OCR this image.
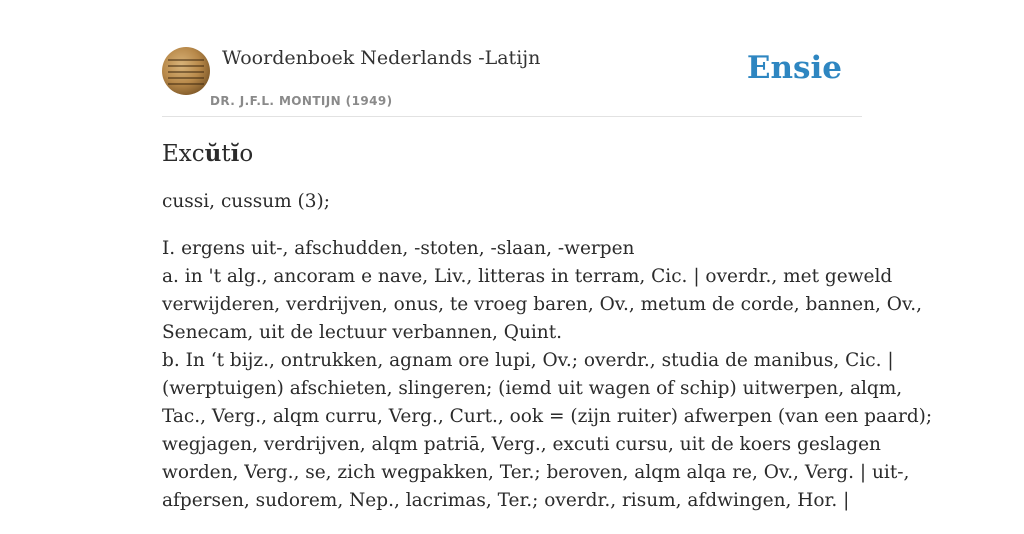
Woordenboek Nederlands -Latijn
DR. J.F.L. MONTIJN (1949)
Ensie
Excŭtĭo

cussi, cussum (3);

I. ergens uit-, afschudden, -stoten, -slaan, -werpen
a. in 't alg., ancoram e nave, Liv., litteras in terram, Cic. | overdr., met geweld
verwijderen, verdrijven, onus, te vroeg baren, Ov., metum de corde, bannen, Ov.,
Senecam, uit de lectuur verbannen, Quint.
b. In ‘t bijz., ontrukken, agnam ore lupi, Ov.; overdr., studia de manibus, Cic. |
(werptuigen) afschieten, slingeren; (iemd uit wagen of schip) uitwerpen, alqm,
Tac., Verg., alqm curru, Verg., Curt., ook = (zijn ruiter) afwerpen (van een paard);
wegjagen, verdrijven, alqm patriā, Verg., excuti cursu, uit de koers geslagen
worden, Verg., se, zich wegpakken, Ter.; beroven, alqm alqa re, Ov., Verg. | uit-,
afpersen, sudorem, Nep., lacrimas, Ter.; overdr., risum, afdwingen, Hor. |
